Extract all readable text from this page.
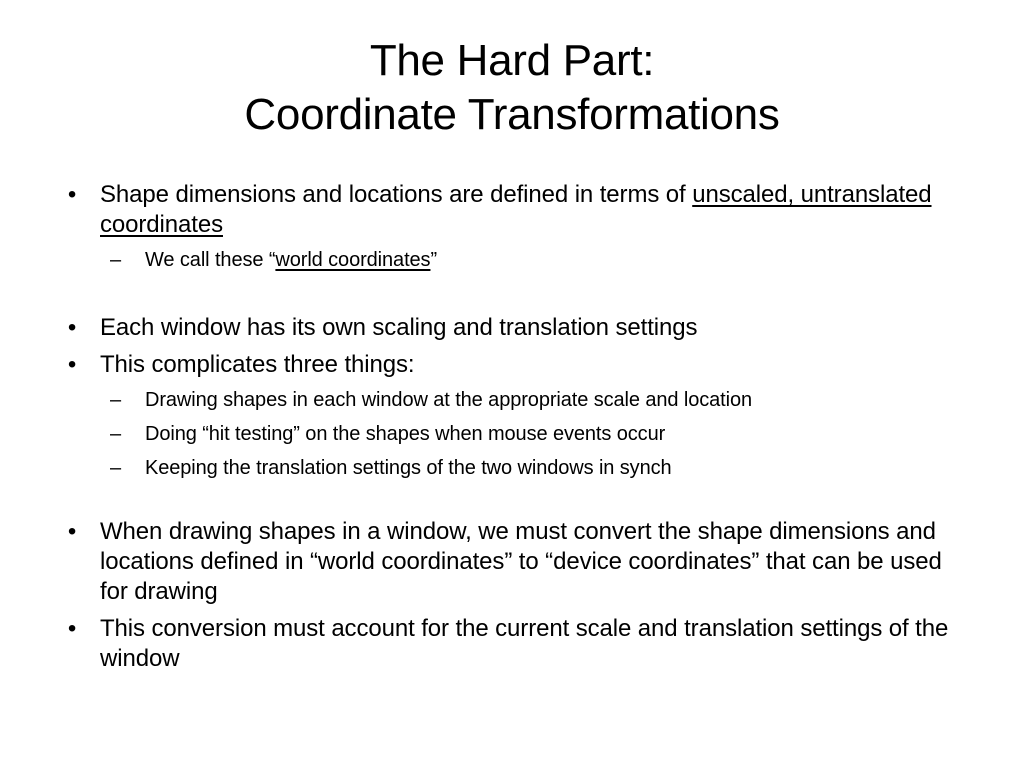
The Hard Part:
Coordinate Transformations
• Shape dimensions and locations are defined in terms of unscaled, untranslated coordinates
– We call these “world coordinates”
• Each window has its own scaling and translation settings
• This complicates three things:
– Drawing shapes in each window at the appropriate scale and location
– Doing “hit testing” on the shapes when mouse events occur
– Keeping the translation settings of the two windows in synch
• When drawing shapes in a window, we must convert the shape dimensions and locations defined in “world coordinates” to “device coordinates” that can be used for drawing
• This conversion must account for the current scale and translation settings of the window
